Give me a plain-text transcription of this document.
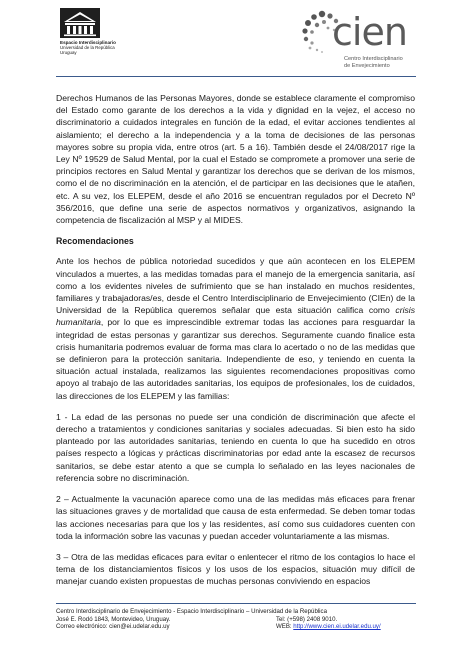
Espacio Interdisciplinario
Universidad de la República
Uruguay	cien
Centro Interdisciplinario
de Envejecimiento

Derechos Humanos de las Personas Mayores, donde se establece claramente el compromiso del Estado como garante de los derechos a la vida y dignidad en la vejez, el acceso no discriminatorio a cuidados integrales en función de la edad, el evitar acciones tendientes al aislamiento; el derecho a la independencia y a la toma de decisiones de las personas mayores sobre su propia vida, entre otros (art. 5 a 16). También desde el 24/08/2017 rige la Ley Nº 19529 de Salud Mental, por la cual el Estado se compromete a promover una serie de principios rectores en Salud Mental y garantizar los derechos que se derivan de los mismos, como el de no discriminación en la atención, el de participar en las decisiones que le atañen, etc. A su vez, los ELEPEM, desde el año 2016 se encuentran regulados por el Decreto Nº 356/2016, que define una serie de aspectos normativos y organizativos, asignando la competencia de fiscalización al MSP y al MIDES.

Recomendaciones

Ante los hechos de pública notoriedad sucedidos y que aún acontecen en los ELEPEM vinculados a muertes, a las medidas tomadas para el manejo de la emergencia sanitaria, así como a los evidentes niveles de sufrimiento que se han instalado en muchos residentes, familiares y trabajadoras/es, desde el Centro Interdisciplinario de Envejecimiento (CIEn) de la Universidad de la República queremos señalar que esta situación califica como crisis humanitaria, por lo que es imprescindible extremar todas las acciones para resguardar la integridad de estas personas y garantizar sus derechos. Seguramente cuando finalice esta crisis humanitaria podremos evaluar de forma mas clara lo acertado o no de las medidas que se definieron para la protección sanitaria. Independiente de eso, y teniendo en cuenta la situación actual instalada, realizamos las siguientes recomendaciones propositivas como apoyo al trabajo de las autoridades sanitarias, los equipos de profesionales, los de cuidados, las direcciones de los ELEPEM y las familias:

1 - La edad de las personas no puede ser una condición de discriminación que afecte el derecho a tratamientos y condiciones sanitarias y sociales adecuadas. Si bien esto ha sido planteado por las autoridades sanitarias, teniendo en cuenta lo que ha sucedido en otros países respecto a lógicas y prácticas discriminatorias por edad ante la escasez de recursos sanitarios, se debe estar atento a que se cumpla lo señalado en las leyes nacionales de referencia sobre no discriminación.

2 – Actualmente la vacunación aparece como una de las medidas más eficaces para frenar las situaciones graves y de mortalidad que causa de esta enfermedad. Se deben tomar todas las acciones necesarias para que los y las residentes, así como sus cuidadores cuenten con toda la información sobre las vacunas y puedan acceder voluntariamente a las mismas.

3 – Otra de las medidas eficaces para evitar o enlentecer el ritmo de los contagios lo hace el tema de los distanciamientos físicos y los usos de los espacios, situación muy difícil de manejar cuando existen propuestas de muchas personas conviviendo en espacios

Centro Interdisciplinario de Envejecimiento - Espacio Interdisciplinario – Universidad de la República
José E. Rodó 1843, Montevideo, Uruguay.	Tel: (+598) 2408 9010.
Correo electrónico: cien@ei.udelar.edu.uy	WEB: http://www.cien.ei.udelar.edu.uy/
